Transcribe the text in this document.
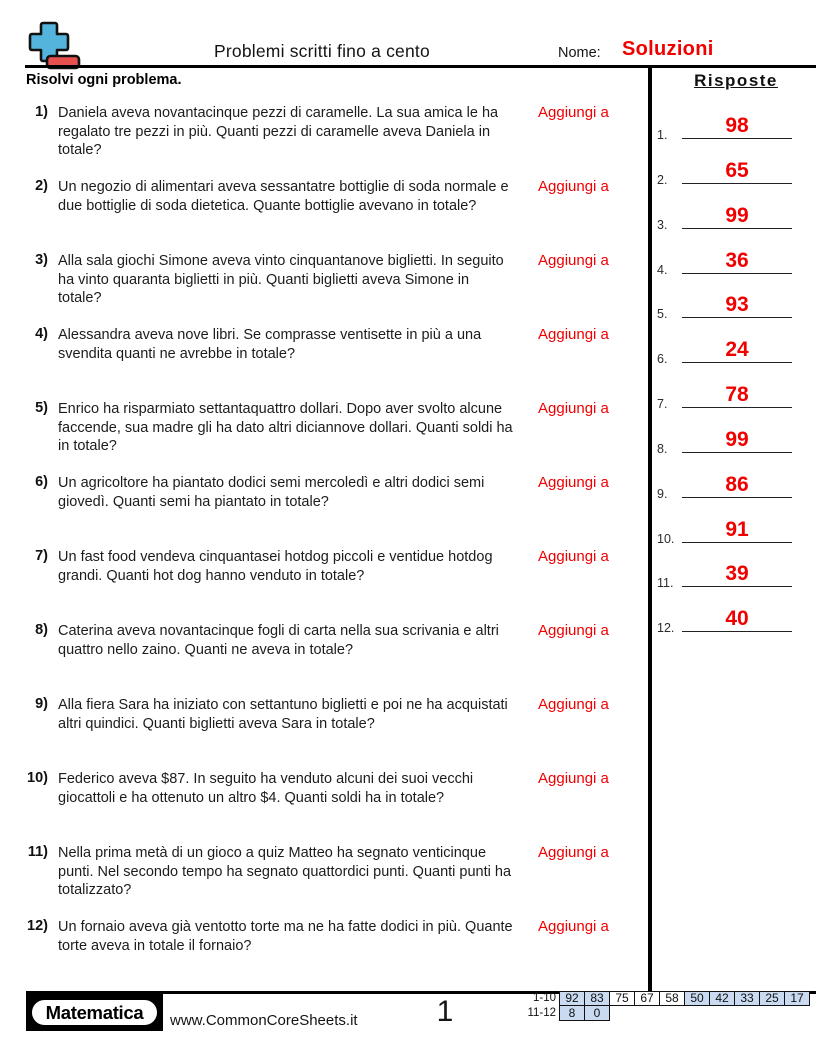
Problemi scritti fino a cento	Nome: Soluzioni
Risolvi ogni problema.	Risposte
1) Daniela aveva novantacinque pezzi di caramelle. La sua amica le ha regalato tre pezzi in più. Quanti pezzi di caramelle aveva Daniela in totale?
Aggiungi a
2) Un negozio di alimentari aveva sessantatre bottiglie di soda normale e due bottiglie di soda dietetica. Quante bottiglie avevano in totale?
Aggiungi a
3) Alla sala giochi Simone aveva vinto cinquantanove biglietti. In seguito ha vinto quaranta biglietti in più. Quanti biglietti aveva Simone in totale?
Aggiungi a
4) Alessandra aveva nove libri. Se comprasse ventisette in più a una svendita quanti ne avrebbe in totale?
Aggiungi a
5) Enrico ha risparmiato settantaquattro dollari. Dopo aver svolto alcune faccende, sua madre gli ha dato altri diciannove dollari. Quanti soldi ha in totale?
Aggiungi a
6) Un agricoltore ha piantato dodici semi mercoledì e altri dodici semi giovedì. Quanti semi ha piantato in totale?
Aggiungi a
7) Un fast food vendeva cinquantasei hotdog piccoli e ventidue hotdog grandi. Quanti hot dog hanno venduto in totale?
Aggiungi a
8) Caterina aveva novantacinque fogli di carta nella sua scrivania e altri quattro nello zaino. Quanti ne aveva in totale?
Aggiungi a
9) Alla fiera Sara ha iniziato con settantuno biglietti e poi ne ha acquistati altri quindici. Quanti biglietti aveva Sara in totale?
Aggiungi a
10) Federico aveva $87. In seguito ha venduto alcuni dei suoi vecchi giocattoli e ha ottenuto un altro $4. Quanti soldi ha in totale?
Aggiungi a
11) Nella prima metà di un gioco a quiz Matteo ha segnato venticinque punti. Nel secondo tempo ha segnato quattordici punti. Quanti punti ha totalizzato?
Aggiungi a
12) Un fornaio aveva già ventotto torte ma ne ha fatte dodici in più. Quante torte aveva in totale il fornaio?
Aggiungi a
1.	98
2.	65
3.	99
4.	36
5.	93
6.	24
7.	78
8.	99
9.	86
10.	91
11.	39
12.	40
Matematica	www.CommonCoreSheets.it	1	1-10 92 83 75 67 58 50 42 33 25 17
11-12	8	0
